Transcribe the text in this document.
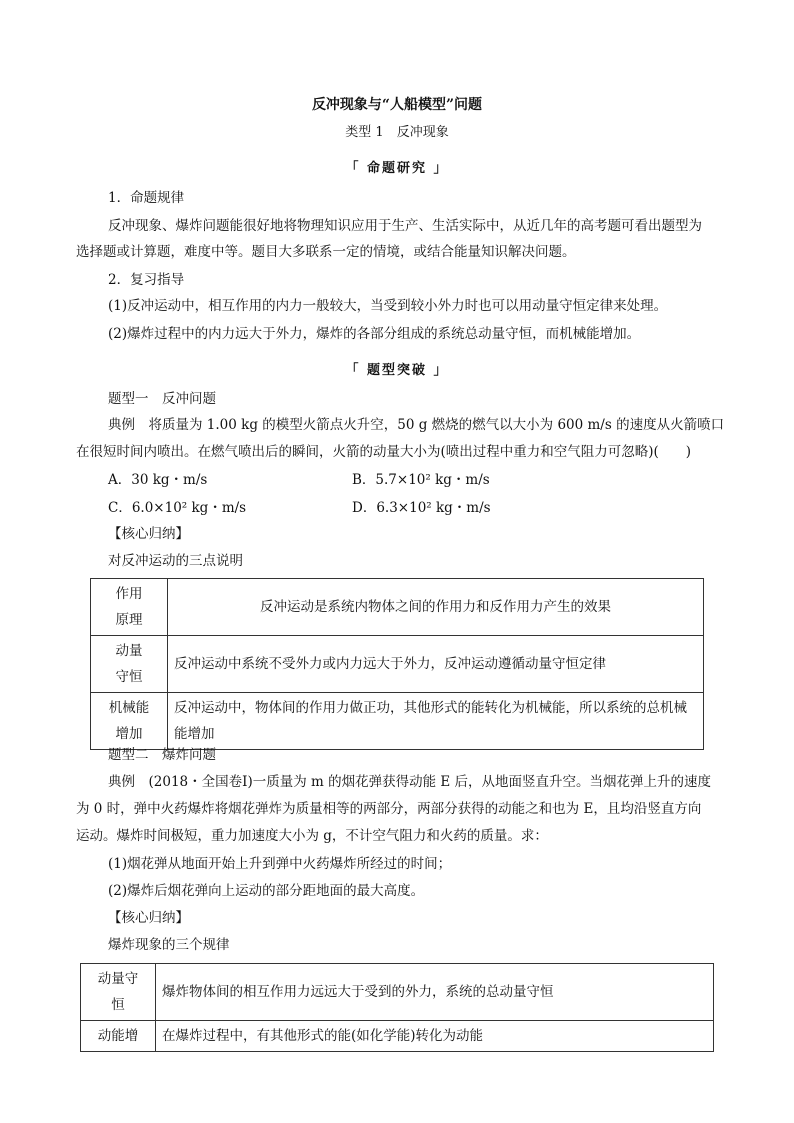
反冲现象与“人船模型”问题
类型 1　反冲现象
「 命题研究 」
1．命题规律
反冲现象、爆炸问题能很好地将物理知识应用于生产、生活实际中，从近几年的高考题可看出题型为
选择题或计算题，难度中等。题目大多联系一定的情境，或结合能量知识解决问题。
2．复习指导
(1)反冲运动中，相互作用的内力一般较大，当受到较小外力时也可以用动量守恒定律来处理。
(2)爆炸过程中的内力远大于外力，爆炸的各部分组成的系统总动量守恒，而机械能增加。
「 题型突破 」
题型一　反冲问题
典例　将质量为 1.00 kg 的模型火箭点火升空，50 g 燃烧的燃气以大小为 600 m/s 的速度从火箭喷口
在很短时间内喷出。在燃气喷出后的瞬间，火箭的动量大小为(喷出过程中重力和空气阻力可忽略)(　　)
A．30 kg・m/s	B．5.7×10² kg・m/s
C．6.0×10² kg・m/s	D．6.3×10² kg・m/s
【核心归纳】
对反冲运动的三点说明
作用
原理	反冲运动是系统内物体之间的作用力和反作用力产生的效果
动量
守恒	反冲运动中系统不受外力或内力远大于外力，反冲运动遵循动量守恒定律
机械能
增加	反冲运动中，物体间的作用力做正功，其他形式的能转化为机械能，所以系统的总机械能增加
题型二　爆炸问题
典例　(2018・全国卷Ⅰ)一质量为 m 的烟花弹获得动能 E 后，从地面竖直升空。当烟花弹上升的速度
为 0 时，弹中火药爆炸将烟花弹炸为质量相等的两部分，两部分获得的动能之和也为 E，且均沿竖直方向
运动。爆炸时间极短，重力加速度大小为 g，不计空气阻力和火药的质量。求：
(1)烟花弹从地面开始上升到弹中火药爆炸所经过的时间；
(2)爆炸后烟花弹向上运动的部分距地面的最大高度。
【核心归纳】
爆炸现象的三个规律
动量守
恒	爆炸物体间的相互作用力远远大于受到的外力，系统的总动量守恒
动能增	在爆炸过程中，有其他形式的能(如化学能)转化为动能
